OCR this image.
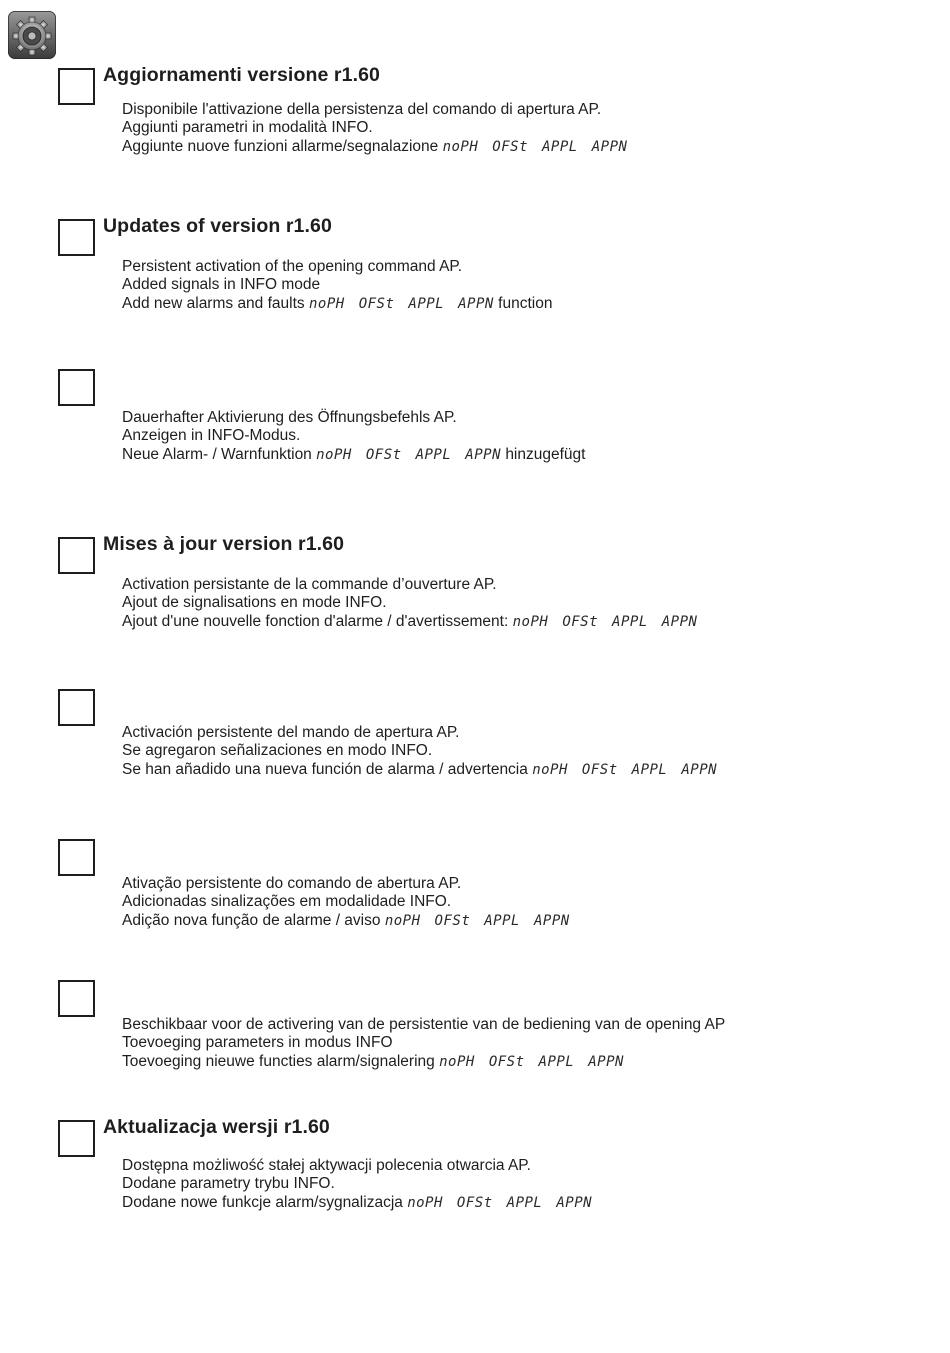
Aggiornamenti versione r1.60
Disponibile l'attivazione della persistenza del comando di apertura AP.
Aggiunti parametri in modalità INFO.
Aggiunte nuove funzioni allarme/segnalazione noPH OFSt APPL APPN
Updates of version r1.60
Persistent activation of the opening command AP.
Added signals in INFO mode
Add new alarms and faults noPH OFSt APPL APPN function
Dauerhafter Aktivierung des Öffnungsbefehls AP.
Anzeigen in INFO-Modus.
Neue Alarm- / Warnfunktion noPH OFSt APPL APPN hinzugefügt
Mises à jour version r1.60
Activation persistante de la commande d’ouverture AP.
Ajout de signalisations en mode INFO.
Ajout d'une nouvelle fonction d'alarme / d'avertissement: noPH OFSt APPL APPN
Activación persistente del mando de apertura AP.
Se agregaron señalizaciones en modo INFO.
Se han añadido una nueva función de alarma / advertencia noPH OFSt APPL APPN
Ativação persistente do comando de abertura AP.
Adicionadas sinalizações em modalidade INFO.
Adição nova função de alarme / aviso noPH OFSt APPL APPN
Beschikbaar voor de activering van de persistentie van de bediening van de opening AP
Toevoeging parameters in modus INFO
Toevoeging nieuwe functies alarm/signalering noPH OFSt APPL APPN
Aktualizacja wersji r1.60
Dostępna możliwość stałej aktywacji polecenia otwarcia AP.
Dodane parametry trybu INFO.
Dodane nowe funkcje alarm/sygnalizacja noPH OFSt APPL APPN
